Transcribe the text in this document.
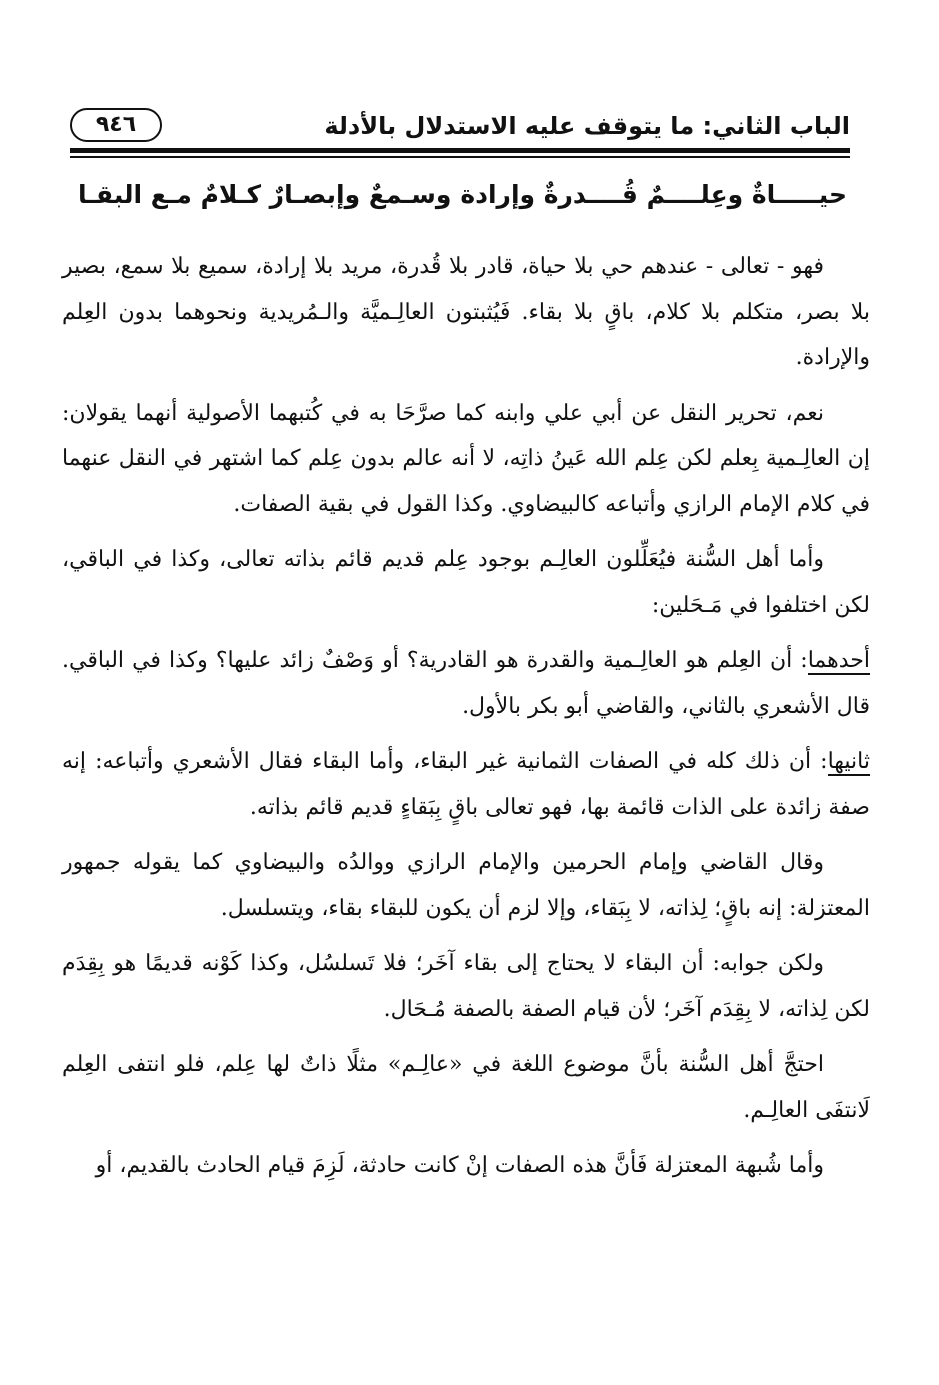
الباب الثاني: ما يتوقف عليه الاستدلال بالأدلة
٩٤٦
حيـــــاةٌ وعِلــــمٌ قُــــدرةٌ وإرادة
وسـمعٌ وإبصـارٌ كـلامٌ مـع البقـا

فهو - تعالى - عندهم حي بلا حياة، قادر بلا قُدرة، مريد بلا إرادة، سميع بلا سمع، بصير بلا بصر، متكلم بلا كلام، باقٍ بلا بقاء. فَيُثبتون العالِـميَّة والـمُريدية ونحوهما بدون العِلم والإرادة.

نعم، تحرير النقل عن أبي علي وابنه كما صرَّحَا به في كُتبهما الأصولية أنهما يقولان: إن العالِـمية بِعلم لكن عِلم الله عَينُ ذاتِه، لا أنه عالم بدون عِلم كما اشتهر في النقل عنهما في كلام الإمام الرازي وأتباعه كالبيضاوي. وكذا القول في بقية الصفات.

وأما أهل السُّنة فيُعَلِّلون العالِـم بوجود عِلم قديم قائم بذاته تعالى، وكذا في الباقي، لكن اختلفوا في مَـحَلين:

أحدهما: أن العِلم هو العالِـمية والقدرة هو القادرية؟ أو وَصْفٌ زائد عليها؟ وكذا في الباقي. قال الأشعري بالثاني، والقاضي أبو بكر بالأول.

ثانيها: أن ذلك كله في الصفات الثمانية غير البقاء، وأما البقاء فقال الأشعري وأتباعه: إنه صفة زائدة على الذات قائمة بها، فهو تعالى باقٍ بِبَقاءٍ قديم قائم بذاته.

وقال القاضي وإمام الحرمين والإمام الرازي ووالدُه والبيضاوي كما يقوله جمهور المعتزلة: إنه باقٍ؛ لِذاته، لا بِبَقاء، وإلا لزم أن يكون للبقاء بقاء، ويتسلسل.

ولكن جوابه: أن البقاء لا يحتاج إلى بقاء آخَر؛ فلا تَسلسُل، وكذا كَوْنه قديمًا هو بِقِدَم لكن لِذاته، لا بِقِدَم آخَر؛ لأن قيام الصفة بالصفة مُـحَال.

احتجَّ أهل السُّنة بأنَّ موضوع اللغة في «عالِـم» مثلًا ذاتٌ لها عِلم، فلو انتفى العِلم لَانتفَى العالِـم.

وأما شُبهة المعتزلة فَأنَّ هذه الصفات إنْ كانت حادثة، لَزِمَ قيام الحادث بالقديم، أو
